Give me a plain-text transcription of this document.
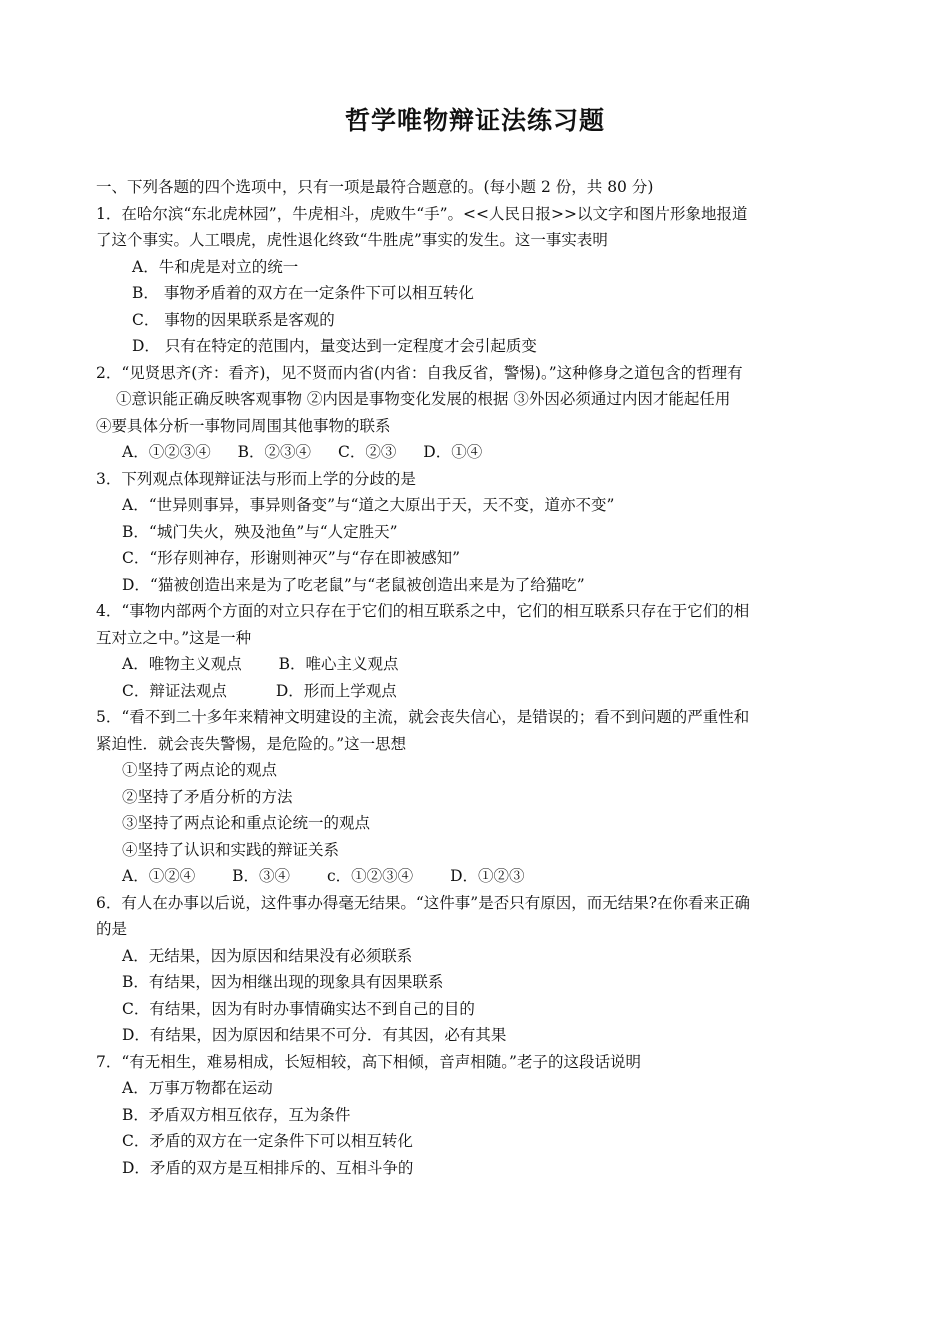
哲学唯物辩证法练习题
一、下列各题的四个选项中，只有一项是最符合题意的。(每小题 2 份，共 80 分)
1．在哈尔滨“东北虎林园”，牛虎相斗，虎败牛“手”。<<人民日报>>以文字和图片形象地报道
了这个事实。人工喂虎，虎性退化终致“牛胜虎”事实的发生。这一事实表明
A．牛和虎是对立的统一
B． 事物矛盾着的双方在一定条件下可以相互转化
C． 事物的因果联系是客观的
D． 只有在特定的范围内，量变达到一定程度才会引起质变
2．“见贤思齐(齐：看齐)，见不贤而内省(内省：自我反省，警惕)。”这种修身之道包含的哲理有
①意识能正确反映客观事物 ②内因是事物变化发展的根据 ③外因必须通过内因才能起任用
④要具体分析一事物同周围其他事物的联系
A．①②③④ B．②③④ C．②③ D．①④
3．下列观点体现辩证法与形而上学的分歧的是
A．“世异则事异，事异则备变”与“道之大原出于天，天不变，道亦不变”
B．“城门失火，殃及池鱼”与“人定胜天”
C．“形存则神存，形谢则神灭”与“存在即被感知”
D．“猫被创造出来是为了吃老鼠”与“老鼠被创造出来是为了给猫吃”
4．“事物内部两个方面的对立只存在于它们的相互联系之中，它们的相互联系只存在于它们的相
互对立之中。”这是一种
A．唯物主义观点 B．唯心主义观点
C．辩证法观点	D．形而上学观点
5．“看不到二十多年来精神文明建设的主流，就会丧失信心，是错误的；看不到问题的严重性和
紧迫性．就会丧失警惕，是危险的。”这一思想
①坚持了两点论的观点
②坚持了矛盾分析的方法
③坚持了两点论和重点论统一的观点
④坚持了认识和实践的辩证关系
A．①②④ B．③④ c．①②③④ D．①②③
6．有人在办事以后说，这件事办得毫无结果。“这件事”是否只有原因，而无结果?在你看来正确
的是
A．无结果，因为原因和结果没有必须联系
B．有结果，因为相继出现的现象具有因果联系
C．有结果，因为有时办事情确实达不到自己的目的
D．有结果，因为原因和结果不可分．有其因，必有其果
7．“有无相生，难易相成，长短相较，高下相倾，音声相随。”老子的这段话说明
A．万事万物都在运动
B．矛盾双方相互依存，互为条件
C．矛盾的双方在一定条件下可以相互转化
D．矛盾的双方是互相排斥的、互相斗争的
